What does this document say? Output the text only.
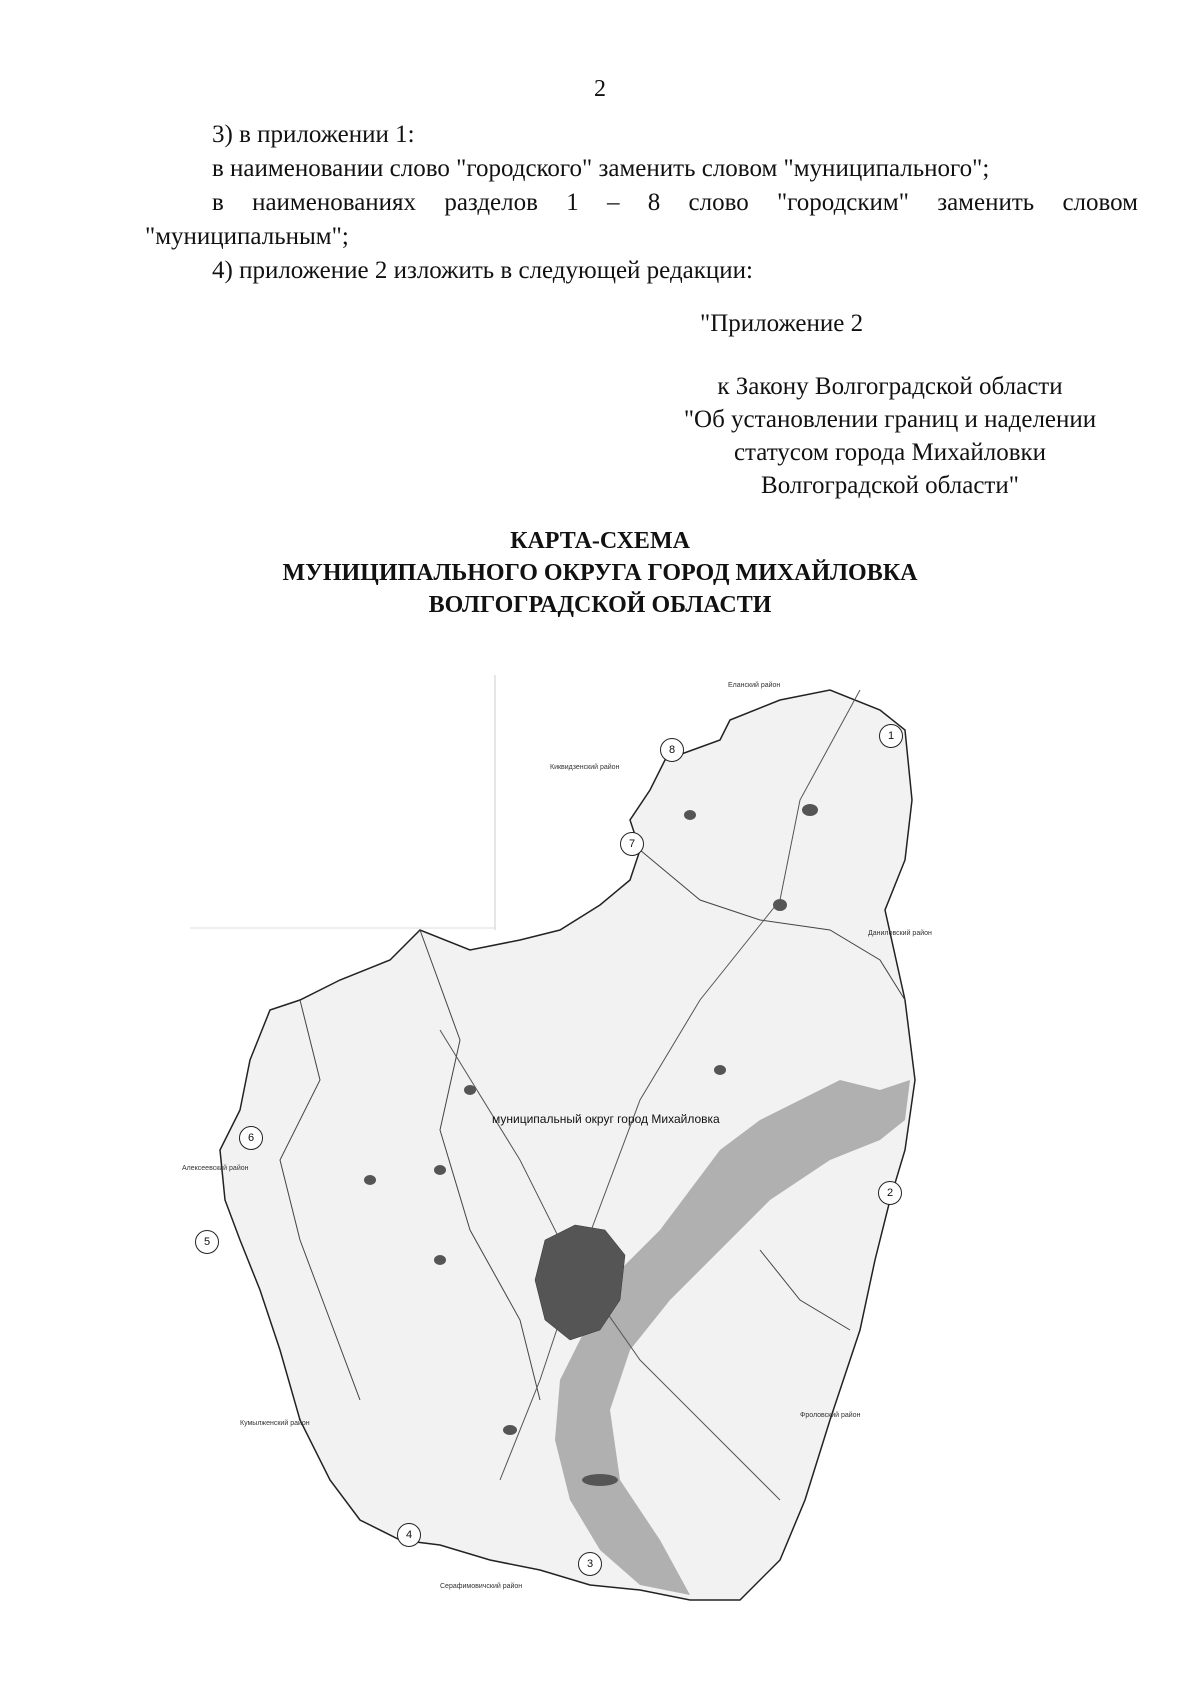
2

3) в приложении 1:

в наименовании слово "городского" заменить словом "муниципального";

в наименованиях разделов 1 – 8 слово "городским" заменить словом

"муниципальным";

4) приложение 2 изложить в следующей редакции:

"Приложение 2
к Закону Волгоградской области
"Об установлении границ и наделении
статусом города Михайловки
Волгоградской области"
КАРТА-СХЕМА
МУНИЦИПАЛЬНОГО ОКРУГА ГОРОД МИХАЙЛОВКА
ВОЛГОГРАДСКОЙ ОБЛАСТИ
муниципальный округ город Михайловка
Еланский район
Киквидзенский район
Даниловский район
Алексеевский район
Кумылженский район
Фроловский район
Серафимовичский район
1
2
3
4
5
6
7
8
